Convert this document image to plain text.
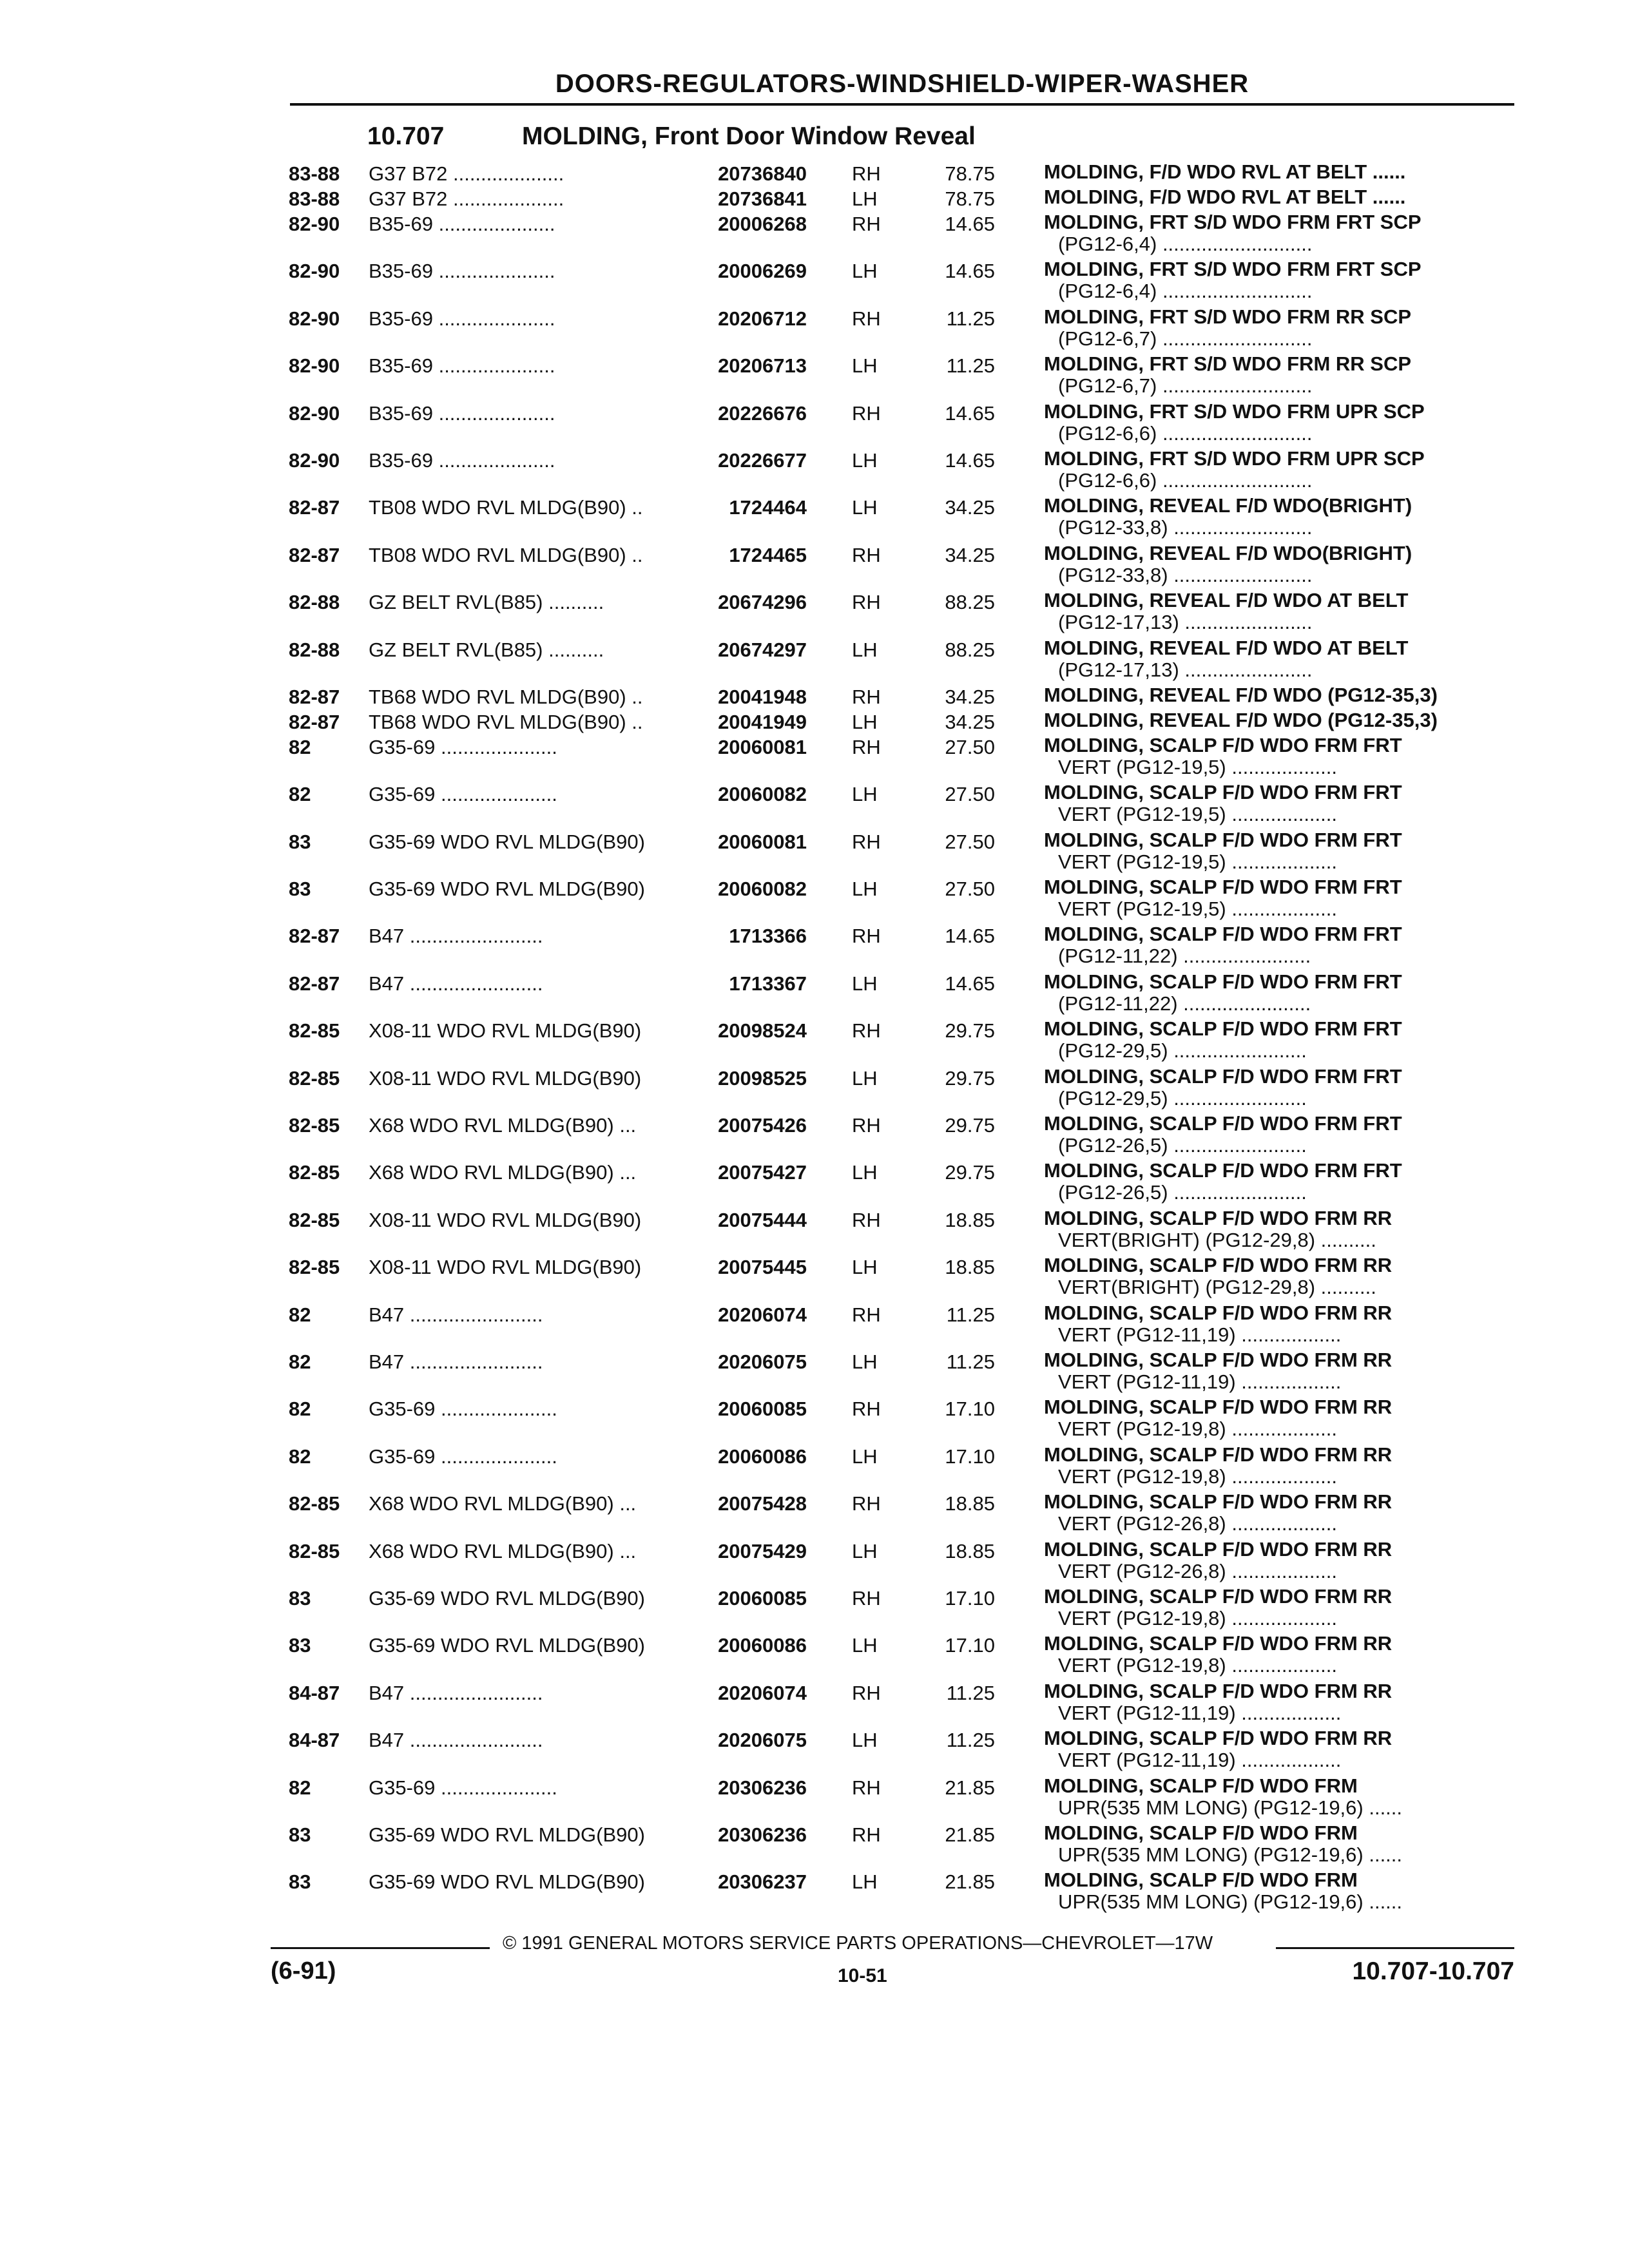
DOORS-REGULATORS-WINDSHIELD-WIPER-WASHER
10.707	MOLDING, Front Door Window Reveal
83-88	G37 B72 ....................	20736840 RH	78.75 MOLDING, F/D WDO RVL AT BELT ......
83-88	G37 B72 ....................	20736841 LH	78.75 MOLDING, F/D WDO RVL AT BELT ......
82-90	B35-69 .....................	20006268 RH	14.65 MOLDING, FRT S/D WDO FRM FRT SCP
(PG12-6,4) ...........................
82-90	B35-69 .....................	20006269 LH	14.65 MOLDING, FRT S/D WDO FRM FRT SCP
(PG12-6,4) ...........................
82-90	B35-69 .....................	20206712 RH	11.25 MOLDING, FRT S/D WDO FRM RR SCP
(PG12-6,7) ...........................
82-90	B35-69 .....................	20206713 LH	11.25 MOLDING, FRT S/D WDO FRM RR SCP
(PG12-6,7) ...........................
82-90	B35-69 .....................	20226676 RH	14.65 MOLDING, FRT S/D WDO FRM UPR SCP
(PG12-6,6) ...........................
82-90	B35-69 .....................	20226677 LH	14.65 MOLDING, FRT S/D WDO FRM UPR SCP
(PG12-6,6) ...........................
82-87	TB08 WDO RVL MLDG(B90) ..	1724464 LH	34.25 MOLDING, REVEAL F/D WDO(BRIGHT)
(PG12-33,8) .........................
82-87	TB08 WDO RVL MLDG(B90) ..	1724465 RH	34.25 MOLDING, REVEAL F/D WDO(BRIGHT)
(PG12-33,8) .........................
82-88	GZ BELT RVL(B85) ..........	20674296 RH	88.25 MOLDING, REVEAL F/D WDO AT BELT
(PG12-17,13) .......................
82-88	GZ BELT RVL(B85) ..........	20674297 LH	88.25 MOLDING, REVEAL F/D WDO AT BELT
(PG12-17,13) .......................
82-87	TB68 WDO RVL MLDG(B90) ..	20041948 RH	34.25 MOLDING, REVEAL F/D WDO (PG12-35,3)
82-87	TB68 WDO RVL MLDG(B90) ..	20041949 LH	34.25 MOLDING, REVEAL F/D WDO (PG12-35,3)
82	G35-69 .....................	20060081 RH	27.50 MOLDING, SCALP F/D WDO FRM FRT
VERT (PG12-19,5) ...................
82	G35-69 .....................	20060082 LH	27.50 MOLDING, SCALP F/D WDO FRM FRT
VERT (PG12-19,5) ...................
83	G35-69 WDO RVL MLDG(B90)	20060081 RH	27.50 MOLDING, SCALP F/D WDO FRM FRT
VERT (PG12-19,5) ...................
83	G35-69 WDO RVL MLDG(B90)	20060082 LH	27.50 MOLDING, SCALP F/D WDO FRM FRT
VERT (PG12-19,5) ...................
82-87	B47 ........................	1713366 RH	14.65 MOLDING, SCALP F/D WDO FRM FRT
(PG12-11,22) .......................
82-87	B47 ........................	1713367 LH	14.65 MOLDING, SCALP F/D WDO FRM FRT
(PG12-11,22) .......................
82-85	X08-11 WDO RVL MLDG(B90)	20098524 RH	29.75 MOLDING, SCALP F/D WDO FRM FRT
(PG12-29,5) ........................
82-85	X08-11 WDO RVL MLDG(B90)	20098525 LH	29.75 MOLDING, SCALP F/D WDO FRM FRT
(PG12-29,5) ........................
82-85	X68 WDO RVL MLDG(B90) ...	20075426 RH	29.75 MOLDING, SCALP F/D WDO FRM FRT
(PG12-26,5) ........................
82-85	X68 WDO RVL MLDG(B90) ...	20075427 LH	29.75 MOLDING, SCALP F/D WDO FRM FRT
(PG12-26,5) ........................
82-85	X08-11 WDO RVL MLDG(B90)	20075444 RH	18.85 MOLDING, SCALP F/D WDO FRM RR
VERT(BRIGHT) (PG12-29,8) ..........
82-85	X08-11 WDO RVL MLDG(B90)	20075445 LH	18.85 MOLDING, SCALP F/D WDO FRM RR
VERT(BRIGHT) (PG12-29,8) ..........
82	B47 ........................	20206074 RH	11.25 MOLDING, SCALP F/D WDO FRM RR
VERT (PG12-11,19) ..................
82	B47 ........................	20206075 LH	11.25 MOLDING, SCALP F/D WDO FRM RR
VERT (PG12-11,19) ..................
82	G35-69 .....................	20060085 RH	17.10 MOLDING, SCALP F/D WDO FRM RR
VERT (PG12-19,8) ...................
82	G35-69 .....................	20060086 LH	17.10 MOLDING, SCALP F/D WDO FRM RR
VERT (PG12-19,8) ...................
82-85	X68 WDO RVL MLDG(B90) ...	20075428 RH	18.85 MOLDING, SCALP F/D WDO FRM RR
VERT (PG12-26,8) ...................
82-85	X68 WDO RVL MLDG(B90) ...	20075429 LH	18.85 MOLDING, SCALP F/D WDO FRM RR
VERT (PG12-26,8) ...................
83	G35-69 WDO RVL MLDG(B90)	20060085 RH	17.10 MOLDING, SCALP F/D WDO FRM RR
VERT (PG12-19,8) ...................
83	G35-69 WDO RVL MLDG(B90)	20060086 LH	17.10 MOLDING, SCALP F/D WDO FRM RR
VERT (PG12-19,8) ...................
84-87	B47 ........................	20206074 RH	11.25 MOLDING, SCALP F/D WDO FRM RR
VERT (PG12-11,19) ..................
84-87	B47 ........................	20206075 LH	11.25 MOLDING, SCALP F/D WDO FRM RR
VERT (PG12-11,19) ..................
82	G35-69 .....................	20306236 RH	21.85 MOLDING, SCALP F/D WDO FRM
UPR(535 MM LONG) (PG12-19,6) ......
83	G35-69 WDO RVL MLDG(B90)	20306236 RH	21.85 MOLDING, SCALP F/D WDO FRM
UPR(535 MM LONG) (PG12-19,6) ......
83	G35-69 WDO RVL MLDG(B90)	20306237 LH	21.85 MOLDING, SCALP F/D WDO FRM
UPR(535 MM LONG) (PG12-19,6) ......
© 1991 GENERAL MOTORS SERVICE PARTS OPERATIONS—CHEVROLET—17W
(6-91)	10-51	10.707-10.707
